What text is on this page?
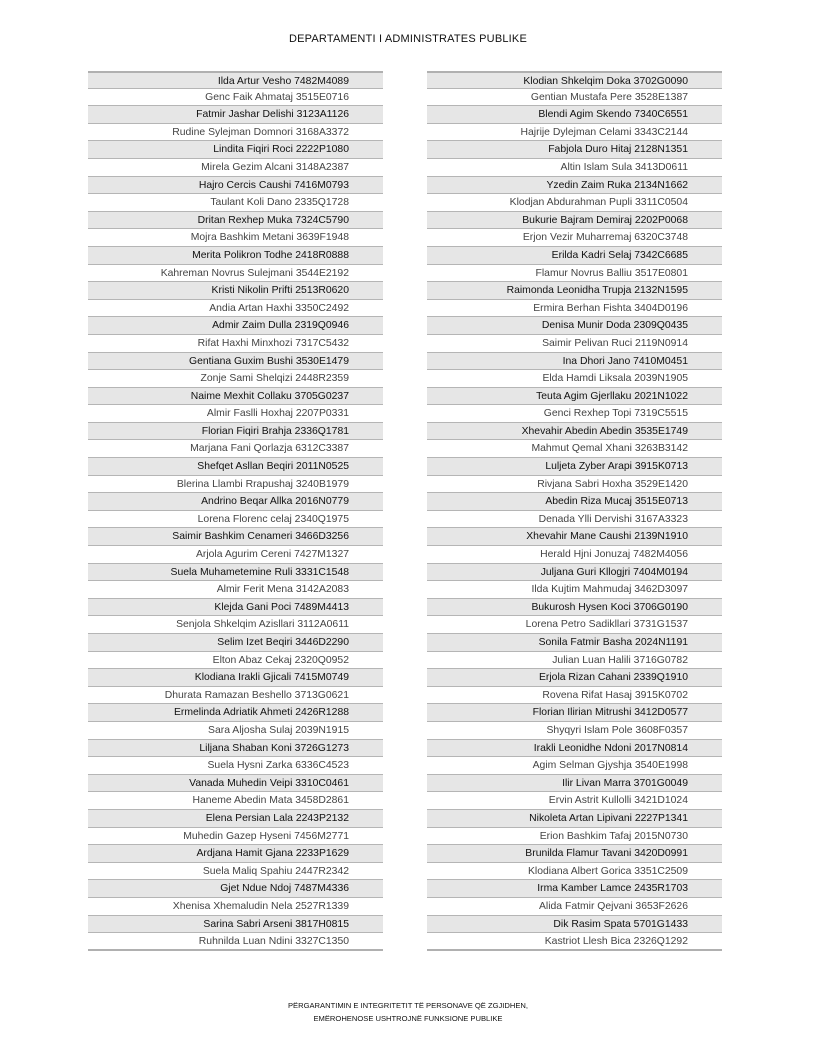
DEPARTAMENTI I ADMINISTRATES PUBLIKE
Ilda Artur Vesho 7482M4089
Genc Faik Ahmataj 3515E0716
Fatmir Jashar Delishi 3123A1126
Rudine Sylejman Domnori 3168A3372
Lindita Fiqiri Roci 2222P1080
Mirela Gezim Alcani 3148A2387
Hajro Cercis Caushi 7416M0793
Taulant Koli Dano 2335Q1728
Dritan Rexhep Muka 7324C5790
Mojra Bashkim Metani 3639F1948
Merita Polikron Todhe 2418R0888
Kahreman Novrus Sulejmani 3544E2192
Kristi Nikolin Prifti 2513R0620
Andia Artan Haxhi 3350C2492
Admir Zaim Dulla 2319Q0946
Rifat Haxhi Minxhozi 7317C5432
Gentiana Guxim Bushi 3530E1479
Zonje Sami Shelqizi 2448R2359
Naime Mexhit Collaku 3705G0237
Almir Faslli Hoxhaj 2207P0331
Florian Fiqiri Brahja 2336Q1781
Marjana Fani Qorlazja 6312C3387
Shefqet Asllan Beqiri 2011N0525
Blerina Llambi Rrapushaj 3240B1979
Andrino Beqar Allka 2016N0779
Lorena Florenc celaj 2340Q1975
Saimir Bashkim Cenameri 3466D3256
Arjola Agurim Cereni 7427M1327
Suela Muhametemine Ruli 3331C1548
Almir Ferit Mena 3142A2083
Klejda Gani Poci 7489M4413
Senjola Shkelqim Azisllari 3112A0611
Selim Izet Beqiri 3446D2290
Elton Abaz Cekaj 2320Q0952
Klodiana Irakli Gjicali 7415M0749
Dhurata Ramazan Beshello 3713G0621
Ermelinda Adriatik Ahmeti 2426R1288
Sara Aljosha Sulaj 2039N1915
Liljana Shaban Koni 3726G1273
Suela Hysni Zarka 6336C4523
Vanada Muhedin Veipi 3310C0461
Haneme Abedin Mata 3458D2861
Elena Persian Lala 2243P2132
Muhedin Gazep Hyseni 7456M2771
Ardjana Hamit Gjana 2233P1629
Suela Maliq Spahiu 2447R2342
Gjet Ndue Ndoj 7487M4336
Xhenisa Xhemaludin Nela 2527R1339
Sarina Sabri Arseni 3817H0815
Ruhnilda Luan Ndini 3327C1350
Klodian Shkelqim Doka 3702G0090
Gentian Mustafa Pere 3528E1387
Blendi Agim Skendo 7340C6551
Hajrije Dylejman Celami 3343C2144
Fabjola Duro Hitaj 2128N1351
Altin Islam Sula 3413D0611
Yzedin Zaim Ruka 2134N1662
Klodjan Abdurahman Pupli 3311C0504
Bukurie Bajram Demiraj 2202P0068
Erjon Vezir Muharremaj 6320C3748
Erilda Kadri Selaj 7342C6685
Flamur Novrus Balliu 3517E0801
Raimonda Leonidha Trupja 2132N1595
Ermira Berhan Fishta 3404D0196
Denisa Munir Doda 2309Q0435
Saimir Pelivan Ruci 2119N0914
Ina Dhori Jano 7410M0451
Elda Hamdi Liksala 2039N1905
Teuta Agim Gjerllaku 2021N1022
Genci Rexhep Topi 7319C5515
Xhevahir Abedin Abedin 3535E1749
Mahmut Qemal Xhani 3263B3142
Luljeta Zyber Arapi 3915K0713
Rivjana Sabri Hoxha 3529E1420
Abedin Riza Mucaj 3515E0713
Denada Ylli Dervishi 3167A3323
Xhevahir Mane Caushi 2139N1910
Herald Hjni Jonuzaj 7482M4056
Juljana Guri Kllogjri 7404M0194
Ilda Kujtim Mahmudaj 3462D3097
Bukurosh Hysen Koci 3706G0190
Lorena Petro Sadikllari 3731G1537
Sonila Fatmir Basha 2024N1191
Julian Luan Halili 3716G0782
Erjola Rizan Cahani 2339Q1910
Rovena Rifat Hasaj 3915K0702
Florian Ilirian Mitrushi 3412D0577
Shyqyri Islam Pole 3608F0357
Irakli Leonidhe Ndoni 2017N0814
Agim Selman Gjyshja 3540E1998
Ilir Livan Marra 3701G0049
Ervin Astrit Kullolli 3421D1024
Nikoleta Artan Lipivani 2227P1341
Erion Bashkim Tafaj 2015N0730
Brunilda Flamur Tavani 3420D0991
Klodiana Albert Gorica 3351C2509
Irma Kamber Lamce 2435R1703
Alida Fatmir Qejvani 3653F2626
Dik Rasim Spata 5701G1433
Kastriot Llesh Bica 2326Q1292
PËRGARANTIMIN E INTEGRITETIT TË PERSONAVE QË ZGJIDHEN,
EMËROHENOSE USHTROJNË FUNKSIONE PUBLIKE
